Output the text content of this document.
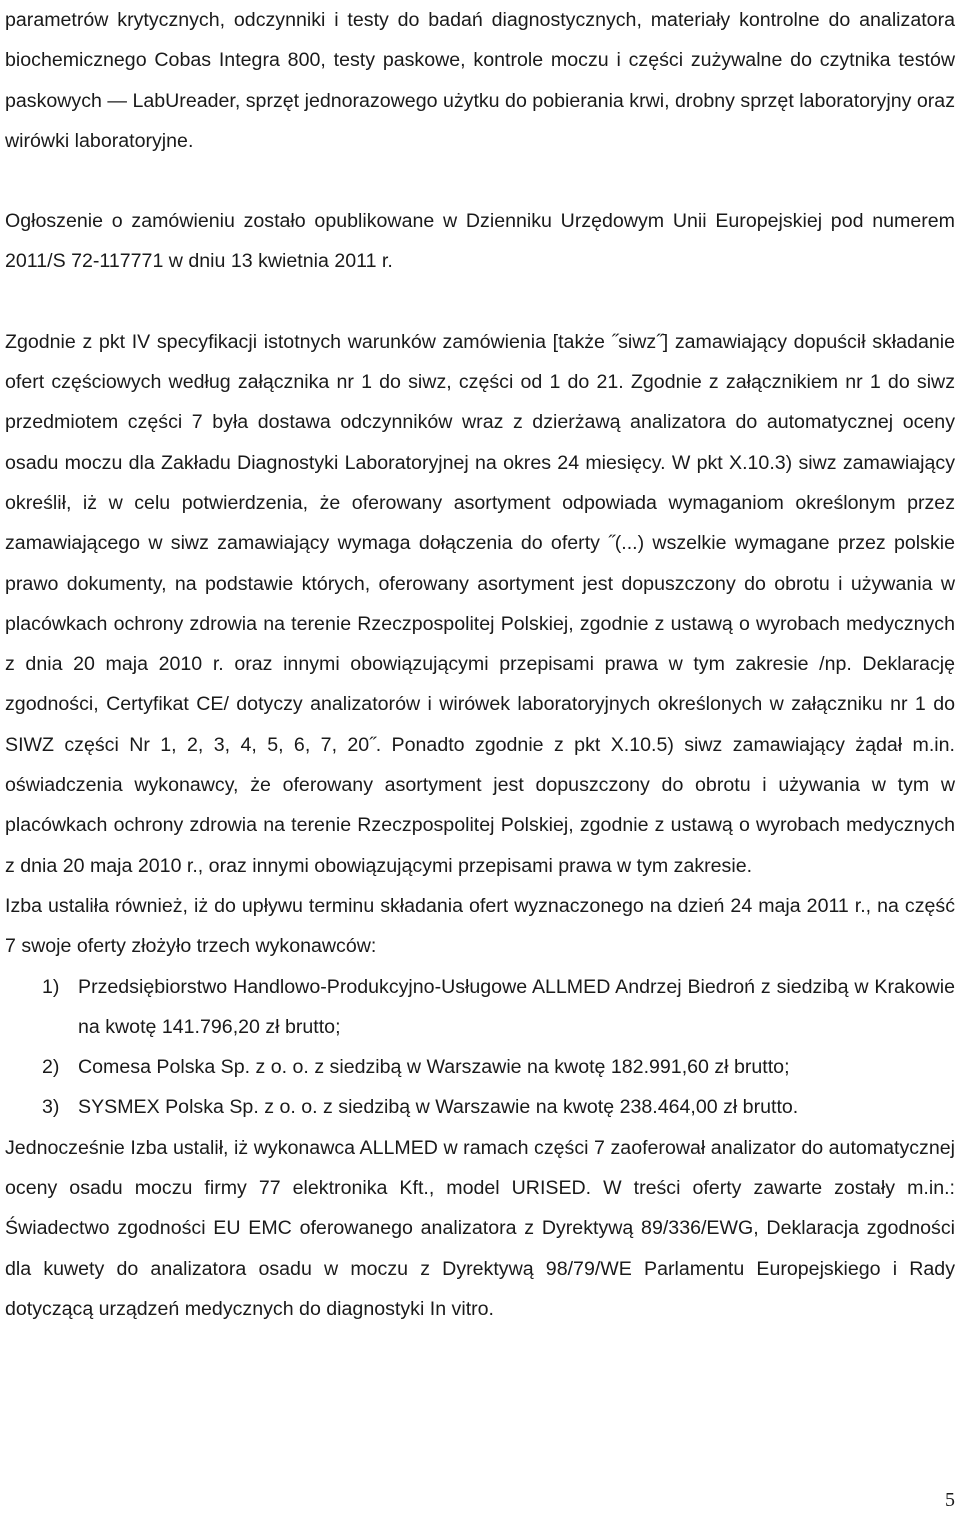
parametrów krytycznych, odczynniki i testy do badań diagnostycznych, materiały kontrolne do analizatora biochemicznego Cobas Integra 800, testy paskowe, kontrole moczu i części zużywalne do czytnika testów paskowych ― LabUreader, sprzęt jednorazowego użytku do pobierania krwi, drobny sprzęt laboratoryjny oraz wirówki laboratoryjne.

Ogłoszenie o zamówieniu zostało opublikowane w Dzienniku Urzędowym Unii Europejskiej pod numerem 2011/S 72-117771 w dniu 13 kwietnia 2011 r.

Zgodnie z pkt IV specyfikacji istotnych warunków zamówienia [także ˝siwz˝] zamawiający dopuścił składanie ofert częściowych według załącznika nr 1 do siwz, części od 1 do 21. Zgodnie z załącznikiem nr 1 do siwz przedmiotem części 7 była dostawa odczynników wraz z dzierżawą analizatora do automatycznej oceny osadu moczu dla Zakładu Diagnostyki Laboratoryjnej na okres 24 miesięcy. W pkt X.10.3) siwz zamawiający określił, iż w celu potwierdzenia, że oferowany asortyment odpowiada wymaganiom określonym przez zamawiającego w siwz zamawiający wymaga dołączenia do oferty ˝(...) wszelkie wymagane przez polskie prawo dokumenty, na podstawie których, oferowany asortyment jest dopuszczony do obrotu i używania w placówkach ochrony zdrowia na terenie Rzeczpospolitej Polskiej, zgodnie z ustawą o wyrobach medycznych z dnia 20 maja 2010 r. oraz innymi obowiązującymi przepisami prawa w tym zakresie /np. Deklarację zgodności, Certyfikat CE/ dotyczy analizatorów i wirówek laboratoryjnych określonych w załączniku nr 1 do SIWZ części Nr 1, 2, 3, 4, 5, 6, 7, 20˝. Ponadto zgodnie z pkt X.10.5) siwz zamawiający żądał m.in. oświadczenia wykonawcy, że oferowany asortyment jest dopuszczony do obrotu i używania w tym w placówkach ochrony zdrowia na terenie Rzeczpospolitej Polskiej, zgodnie z ustawą o wyrobach medycznych z dnia 20 maja 2010 r., oraz innymi obowiązującymi przepisami prawa w tym zakresie.

Izba ustaliła również, iż do upływu terminu składania ofert wyznaczonego na dzień 24 maja 2011 r., na część 7 swoje oferty złożyło trzech wykonawców:

1) Przedsiębiorstwo Handlowo-Produkcyjno-Usługowe ALLMED Andrzej Biedroń z siedzibą w Krakowie na kwotę 141.796,20 zł brutto;
2) Comesa Polska Sp. z o. o. z siedzibą w Warszawie na kwotę 182.991,60 zł brutto;
3) SYSMEX Polska Sp. z o. o. z siedzibą w Warszawie na kwotę 238.464,00 zł brutto.

Jednocześnie Izba ustalił, iż wykonawca ALLMED w ramach części 7 zaoferował analizator do automatycznej oceny osadu moczu firmy 77 elektronika Kft., model URISED. W treści oferty zawarte zostały m.in.: Świadectwo zgodności EU EMC oferowanego analizatora z Dyrektywą 89/336/EWG, Deklaracja zgodności dla kuwety do analizatora osadu w moczu z Dyrektywą 98/79/WE Parlamentu Europejskiego i Rady dotyczącą urządzeń medycznych do diagnostyki In vitro.

5
